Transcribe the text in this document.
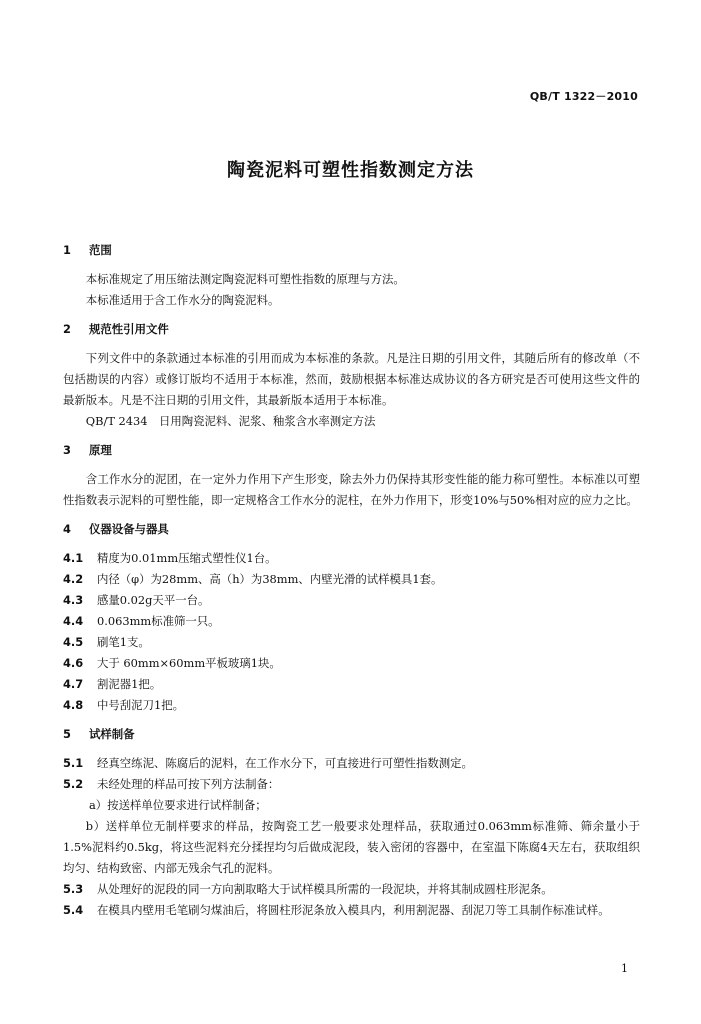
QB/T 1322－2010
陶瓷泥料可塑性指数测定方法
1	范围

本标准规定了用压缩法测定陶瓷泥料可塑性指数的原理与方法。

本标准适用于含工作水分的陶瓷泥料。

2	规范性引用文件

下列文件中的条款通过本标准的引用而成为本标准的条款。凡是注日期的引用文件，其随后所有的修改单（不包括勘误的内容）或修订版均不适用于本标准，然而，鼓励根据本标准达成协议的各方研究是否可使用这些文件的最新版本。凡是不注日期的引用文件，其最新版本适用于本标准。

QB/T 2434　日用陶瓷泥料、泥浆、釉浆含水率测定方法

3	原理

含工作水分的泥团，在一定外力作用下产生形变，除去外力仍保持其形变性能的能力称可塑性。本标准以可塑性指数表示泥料的可塑性能，即一定规格含工作水分的泥柱，在外力作用下，形变10%与50%相对应的应力之比。

4	仪器设备与器具
4.1	精度为0.01mm压缩式塑性仪1台。
4.2	内径（φ）为28mm、高（h）为38mm、内壁光滑的试样模具1套。
4.3	感量0.02g天平一台。
4.4	0.063mm标准筛一只。
4.5	刷笔1支。
4.6	大于 60mm×60mm平板玻璃1块。
4.7	割泥器1把。
4.8	中号刮泥刀1把。
5	试样制备
5.1	经真空练泥、陈腐后的泥料，在工作水分下，可直接进行可塑性指数测定。
5.2	未经处理的样品可按下列方法制备：

a）按送样单位要求进行试样制备；

b）送样单位无制样要求的样品，按陶瓷工艺一般要求处理样品，获取通过0.063mm标准筛、筛余量小于1.5%泥料约0.5kg，将这些泥料充分揉捏均匀后做成泥段，装入密闭的容器中，在室温下陈腐4天左右，获取组织均匀、结构致密、内部无残余气孔的泥料。

5.3	从处理好的泥段的同一方向割取略大于试样模具所需的一段泥块，并将其制成圆柱形泥条。
5.4	在模具内壁用毛笔刷匀煤油后，将圆柱形泥条放入模具内，利用割泥器、刮泥刀等工具制作标准试样。
1
